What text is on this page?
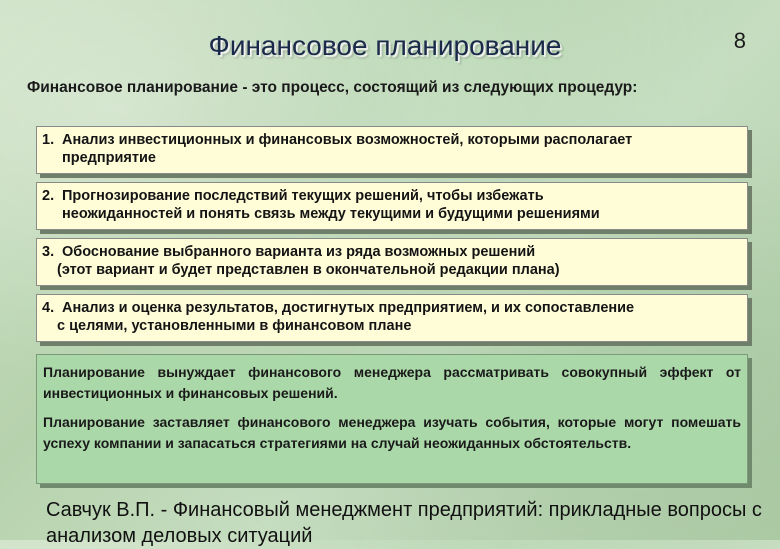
Финансовое планирование	8
Финансовое планирование - это процесс, состоящий из следующих процедур:
1. Анализ инвестиционных и финансовых возможностей, которыми располагает
предприятие
2. Прогнозирование последствий текущих решений, чтобы избежать
неожиданностей и понять связь между текущими и будущими решениями
3. Обоснование выбранного варианта из ряда возможных решений
(этот вариант и будет представлен в окончательной редакции плана)
4. Анализ и оценка результатов, достигнутых предприятием, и их сопоставление
с целями, установленными в финансовом плане

Планирование вынуждает финансового менеджера рассматривать совокупный эффект от инвестиционных и финансовых решений.

Планирование заставляет финансового менеджера изучать события, которые могут помешать успеху компании и запасаться стратегиями на случай неожиданных обстоятельств.

Савчук В.П. - Финансовый менеджмент предприятий: прикладные вопросы с анализом деловых ситуаций
